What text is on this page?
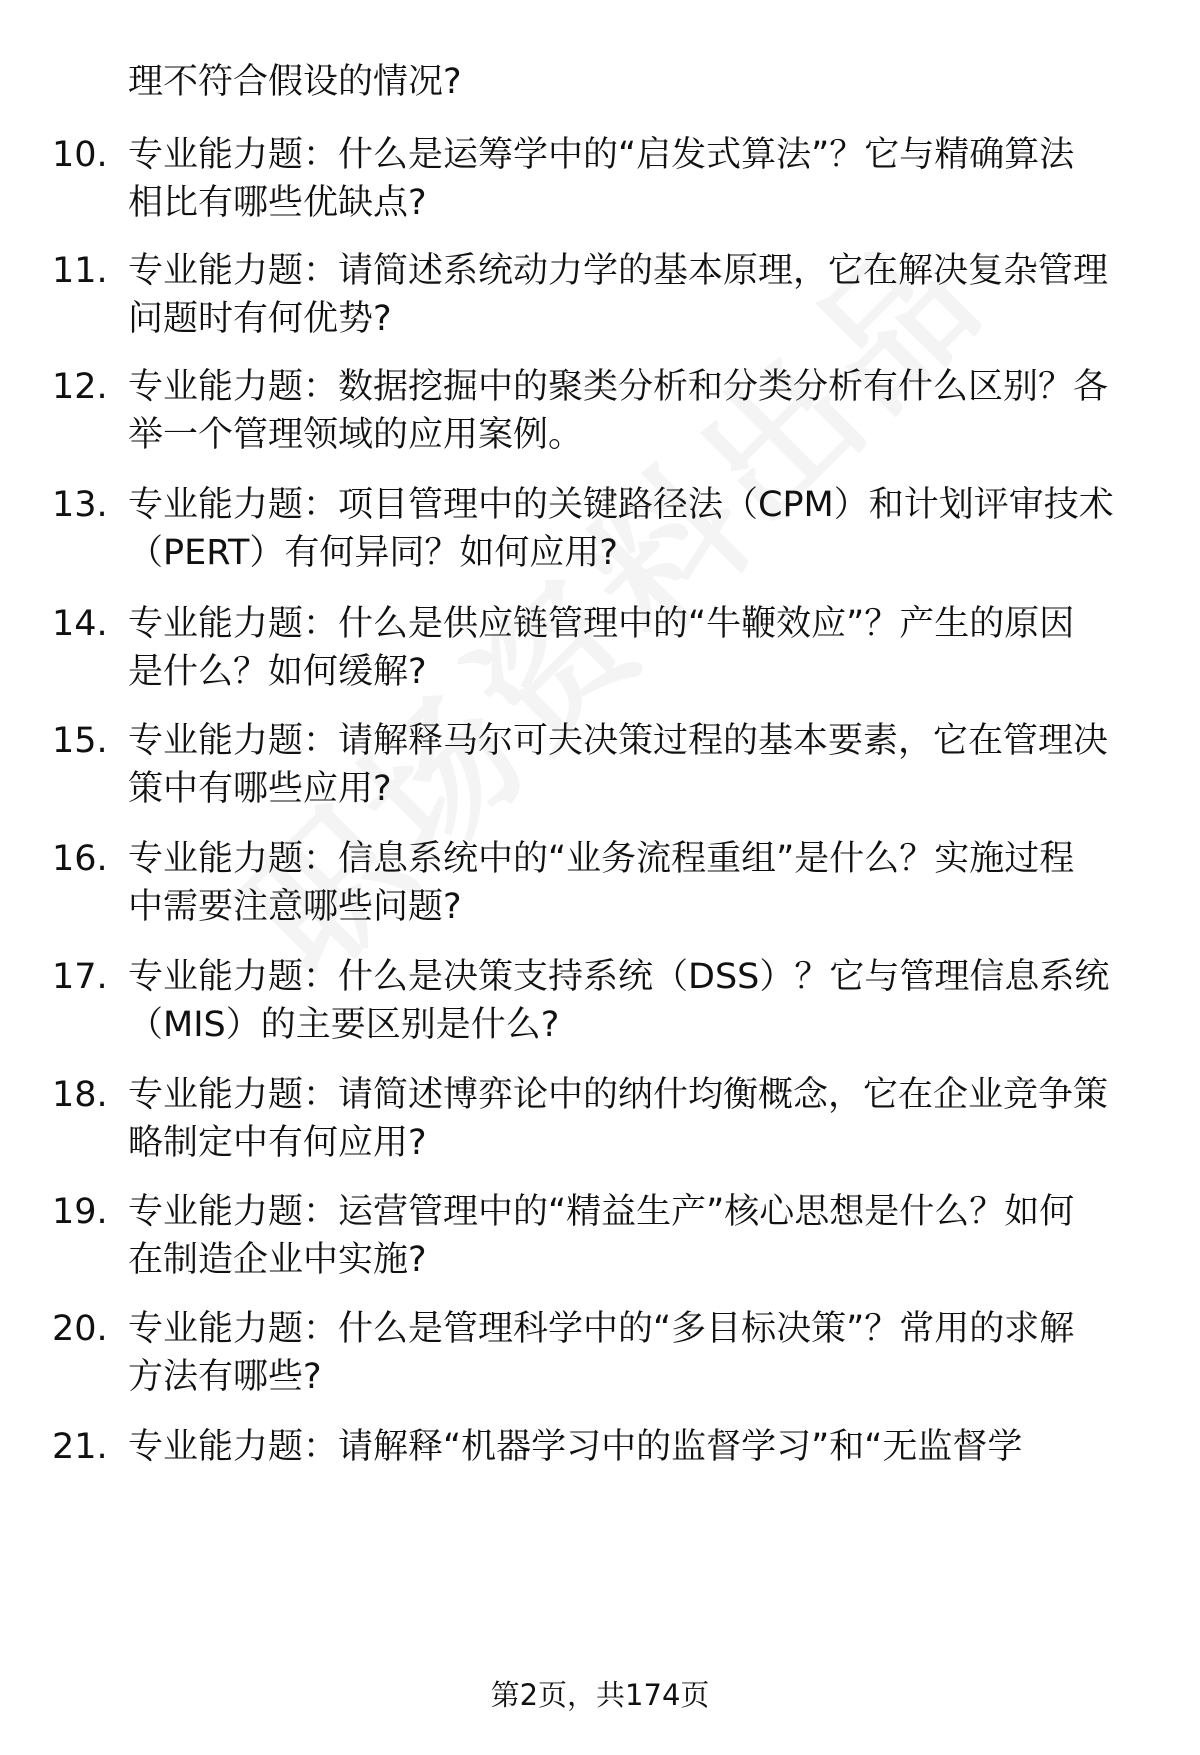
理不符合假设的情况?
10. 专业能力题：什么是运筹学中的“启发式算法”？它与精确算法
相比有哪些优缺点?
11. 专业能力题：请简述系统动力学的基本原理，它在解决复杂管理
问题时有何优势?
12. 专业能力题：数据挖掘中的聚类分析和分类分析有什么区别？各
举一个管理领域的应用案例。
13. 专业能力题：项目管理中的关键路径法（CPM）和计划评审技术
（PERT）有何异同？如何应用?
14. 专业能力题：什么是供应链管理中的“牛鞭效应”？产生的原因
是什么？如何缓解?
15. 专业能力题：请解释马尔可夫决策过程的基本要素，它在管理决
策中有哪些应用?
16. 专业能力题：信息系统中的“业务流程重组”是什么？实施过程
中需要注意哪些问题?
17. 专业能力题：什么是决策支持系统（DSS）？它与管理信息系统
（MIS）的主要区别是什么?
18. 专业能力题：请简述博弈论中的纳什均衡概念，它在企业竞争策
略制定中有何应用?
19. 专业能力题：运营管理中的“精益生产”核心思想是什么？如何
在制造企业中实施?
20. 专业能力题：什么是管理科学中的“多目标决策”？常用的求解
方法有哪些?
21. 专业能力题：请解释“机器学习中的监督学习”和“无监督学
第2页，共174页
